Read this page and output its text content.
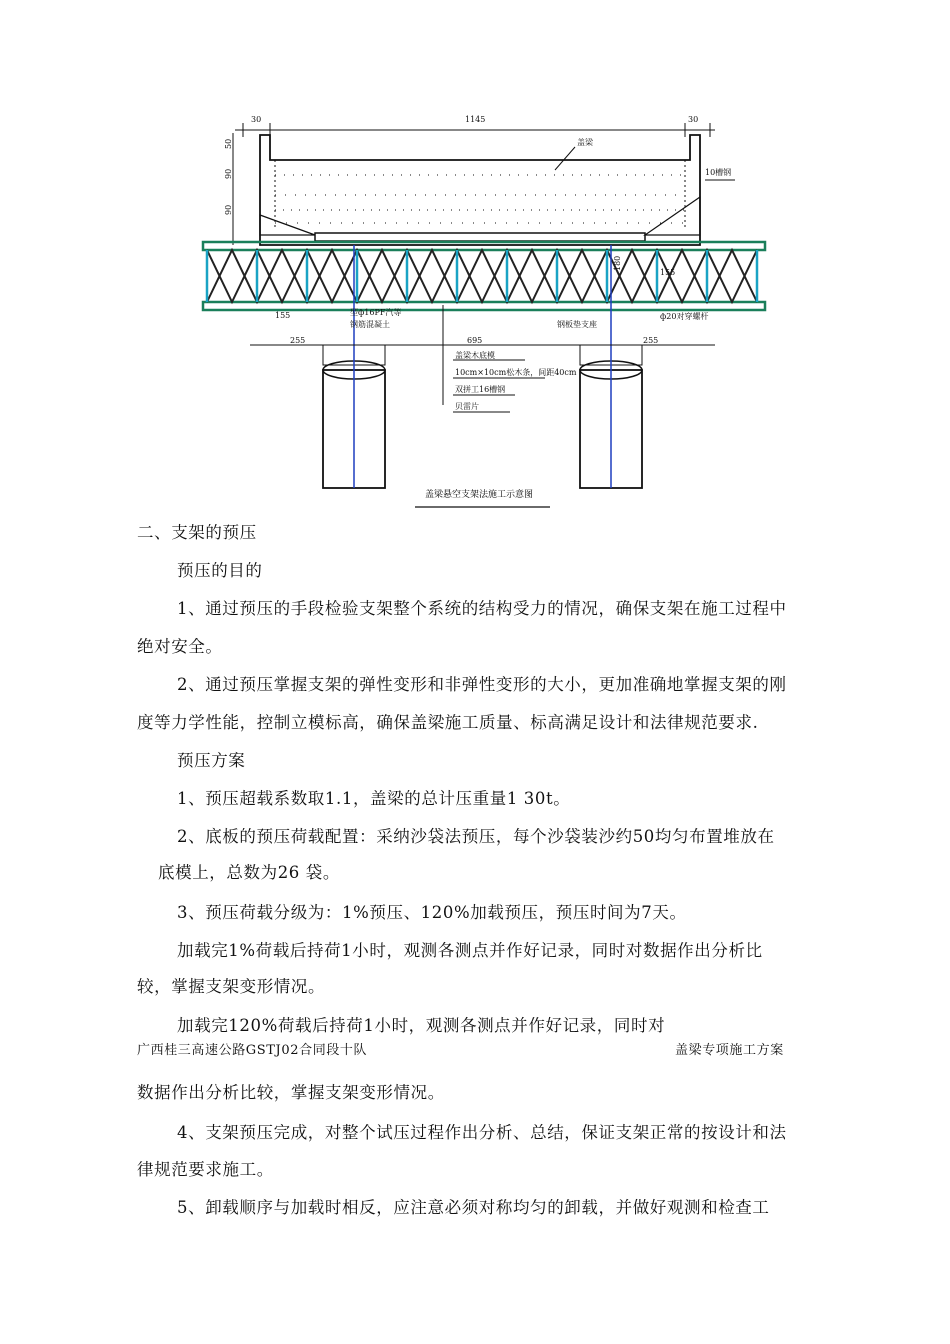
30	1145	30
50
90
90
盖梁
10槽钢
180
155
255	695	255
155
型ф16PF汽等
钢筋混凝土	钢板垫支座
ф20对穿螺杆
盖梁木底模
10cm×10cm松木条，间距40cm
双拼工16槽钢
贝雷片
盖梁悬空支架法施工示意图
二、支架的预压
预压的目的
1、通过预压的手段检验支架整个系统的结构受力的情况，确保支架在施工过程中
绝对安全。
2、通过预压掌握支架的弹性变形和非弹性变形的大小，更加准确地掌握支架的刚
度等力学性能，控制立模标高，确保盖梁施工质量、标高满足设计和法律规范要求.
预压方案
1、预压超载系数取1.1，盖梁的总计压重量1 30t。
2、底板的预压荷载配置：采纳沙袋法预压，每个沙袋装沙约50均匀布置堆放在
底模上，总数为26 袋。
3、预压荷载分级为：1%预压、120%加载预压，预压时间为7天。
加载完1%荷载后持荷1小时，观测各测点并作好记录，同时对数据作出分析比
较，掌握支架变形情况。
加载完120%荷载后持荷1小时，观测各测点并作好记录，同时对
广西桂三高速公路GSTJ02合同段十队	盖梁专项施工方案
数据作出分析比较，掌握支架变形情况。
4、支架预压完成，对整个试压过程作出分析、总结，保证支架正常的按设计和法
律规范要求施工。
5、卸载顺序与加载时相反，应注意必须对称均匀的卸载，并做好观测和检查工
